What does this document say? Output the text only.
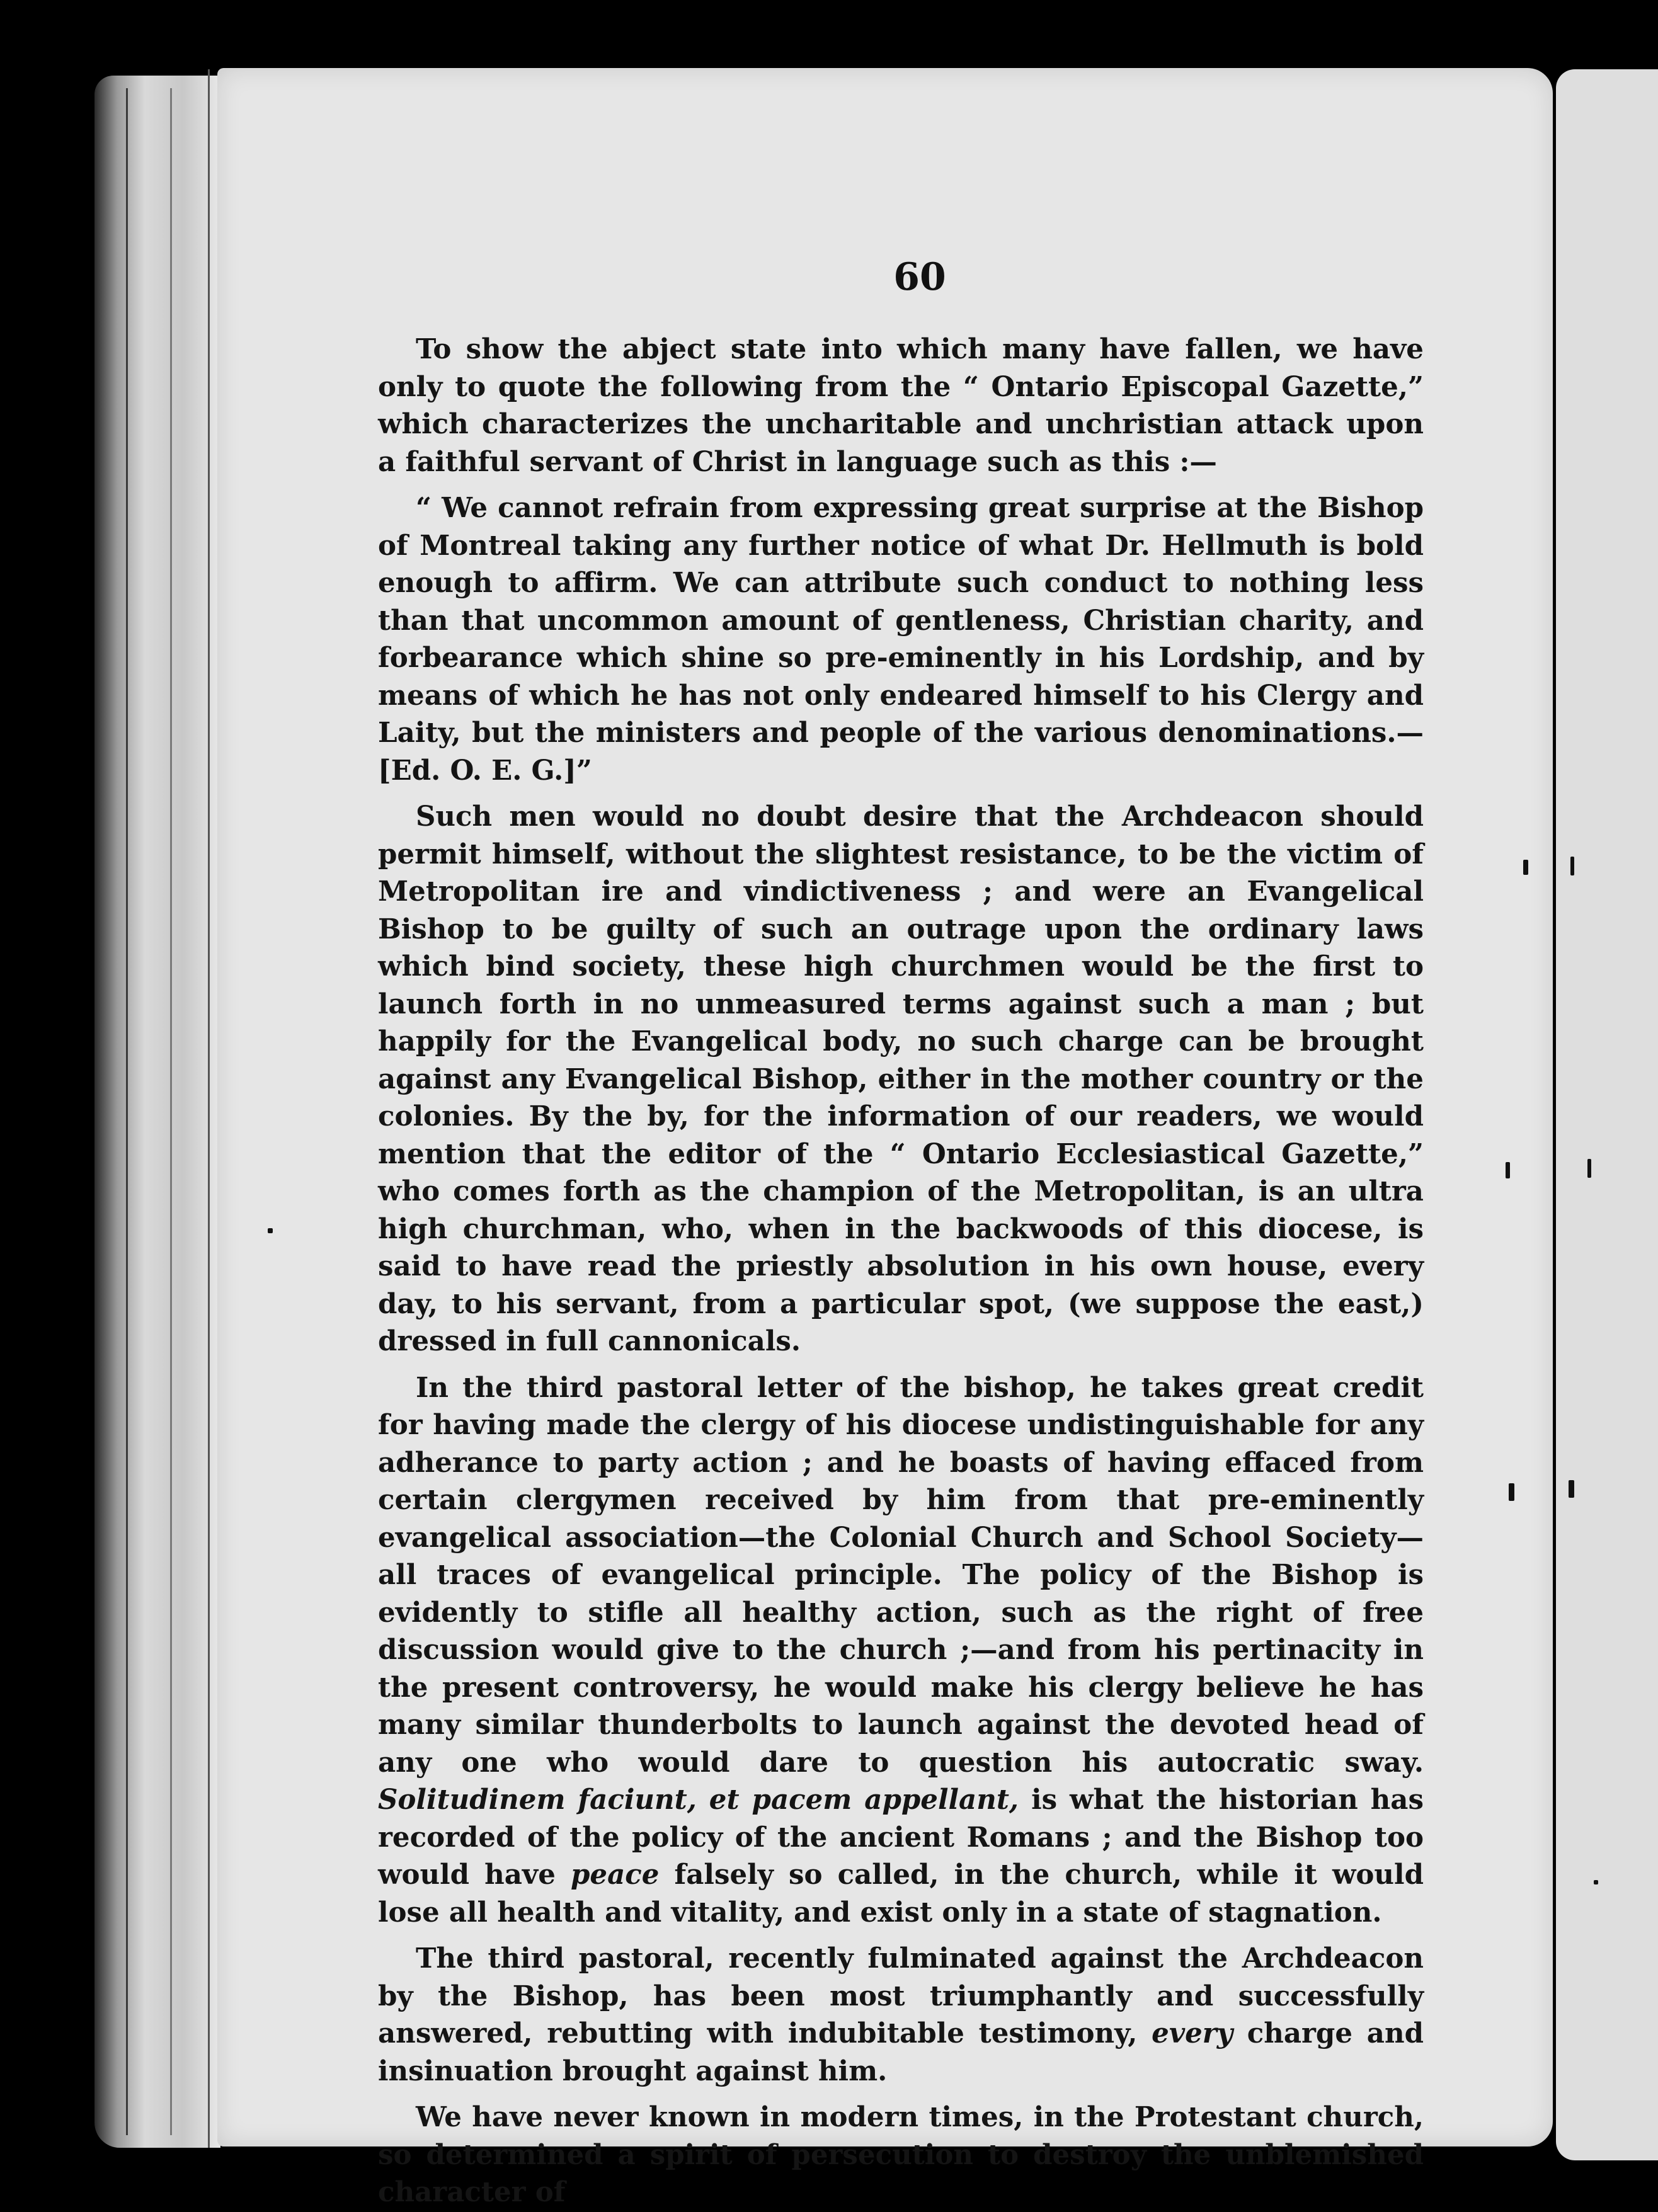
60

To show the abject state into which many have fallen, we have only to quote the following from the “ Ontario Episcopal Gazette,” which characterizes the uncharitable and unchristian attack upon a faithful servant of Christ in language such as this :—

“ We cannot refrain from expressing great surprise at the Bishop of Montreal taking any further notice of what Dr. Hellmuth is bold enough to affirm. We can attribute such conduct to nothing less than that uncommon amount of gentleness, Christian charity, and forbearance which shine so pre-eminently in his Lordship, and by means of which he has not only endeared himself to his Clergy and Laity, but the ministers and people of the various denominations.—[Ed. O. E. G.]”

Such men would no doubt desire that the Archdeacon should permit himself, without the slightest resistance, to be the victim of Metropolitan ire and vindictiveness ; and were an Evangelical Bishop to be guilty of such an outrage upon the ordinary laws which bind society, these high churchmen would be the first to launch forth in no unmeasured terms against such a man ; but happily for the Evangelical body, no such charge can be brought against any Evangelical Bishop, either in the mother country or the colonies. By the by, for the information of our readers, we would mention that the editor of the “ Ontario Ecclesiastical Gazette,” who comes forth as the champion of the Metropolitan, is an ultra high churchman, who, when in the backwoods of this diocese, is said to have read the priestly absolution in his own house, every day, to his servant, from a particular spot, (we suppose the east,) dressed in full cannonicals.

In the third pastoral letter of the bishop, he takes great credit for having made the clergy of his diocese undistinguishable for any adherance to party action ; and he boasts of having effaced from certain clergymen received by him from that pre-eminently evangelical association—the Colonial Church and School Society—all traces of evangelical principle. The policy of the Bishop is evidently to stifle all healthy action, such as the right of free discussion would give to the church ;—and from his pertinacity in the present controversy, he would make his clergy believe he has many similar thunderbolts to launch against the devoted head of any one who would dare to question his autocratic sway. Solitudinem faciunt, et pacem appellant, is what the historian has recorded of the policy of the ancient Romans ; and the Bishop too would have peace falsely so called, in the church, while it would lose all health and vitality, and exist only in a state of stagnation.

The third pastoral, recently fulminated against the Archdeacon by the Bishop, has been most triumphantly and successfully answered, rebutting with indubitable testimony, every charge and insinuation brought against him.

We have never known in modern times, in the Protestant church, so determined a spirit of persecution to destroy the unblemished character of
